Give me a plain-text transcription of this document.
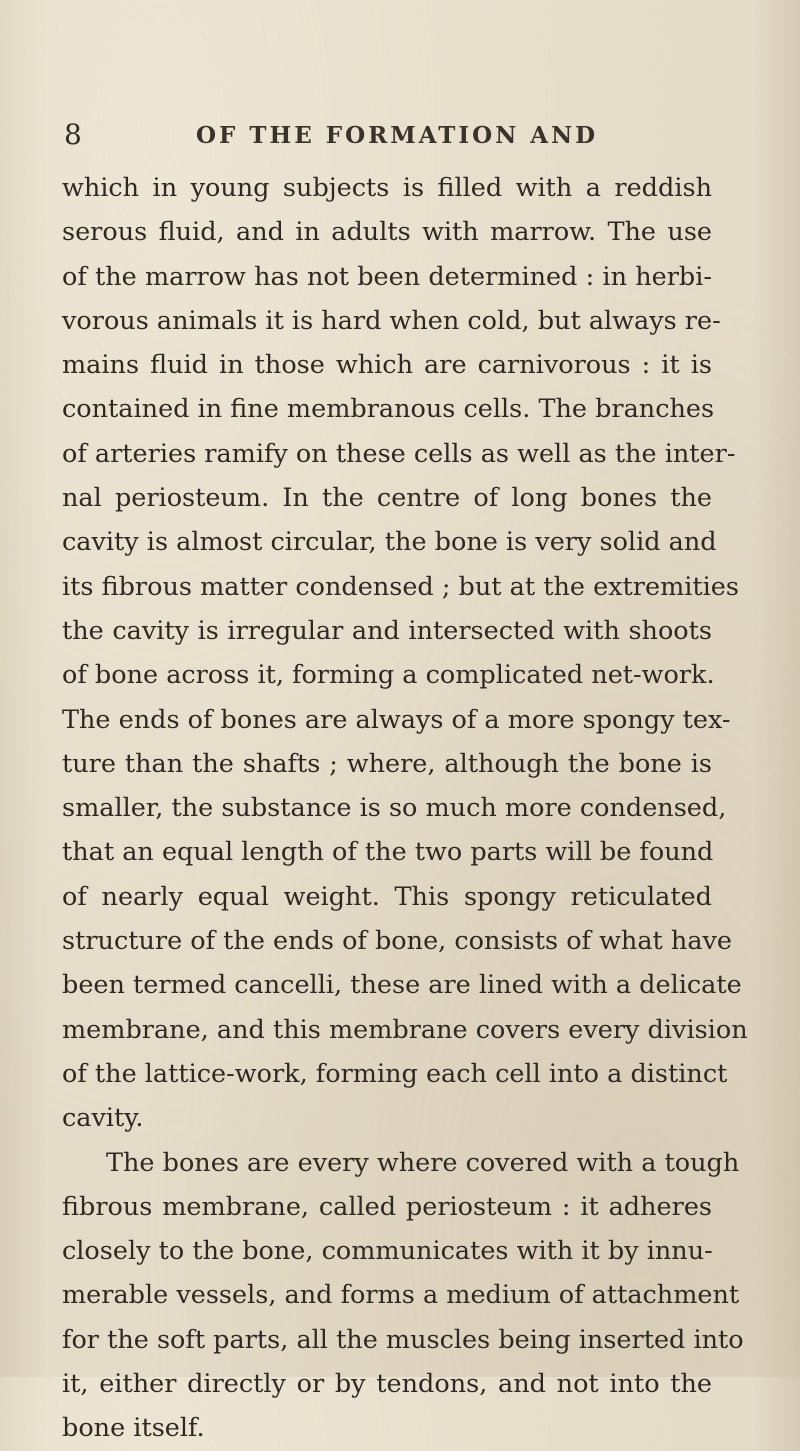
8	OF THE FORMATION AND
which in young subjects is filled with a reddish
serous fluid, and in adults with marrow. The use
of the marrow has not been determined : in herbi-
vorous animals it is hard when cold, but always re-
mains fluid in those which are carnivorous : it is
contained in fine membranous cells. The branches
of arteries ramify on these cells as well as the inter-
nal periosteum. In the centre of long bones the
cavity is almost circular, the bone is very solid and
its fibrous matter condensed ; but at the extremities
the cavity is irregular and intersected with shoots
of bone across it, forming a complicated net-work.
The ends of bones are always of a more spongy tex-
ture than the shafts ; where, although the bone is
smaller, the substance is so much more condensed,
that an equal length of the two parts will be found
of nearly equal weight. This spongy reticulated
structure of the ends of bone, consists of what have
been termed cancelli, these are lined with a delicate
membrane, and this membrane covers every division
of the lattice-work, forming each cell into a distinct
cavity.
The bones are every where covered with a tough
fibrous membrane, called periosteum : it adheres
closely to the bone, communicates with it by innu-
merable vessels, and forms a medium of attachment
for the soft parts, all the muscles being inserted into
it, either directly or by tendons, and not into the
bone itself.
